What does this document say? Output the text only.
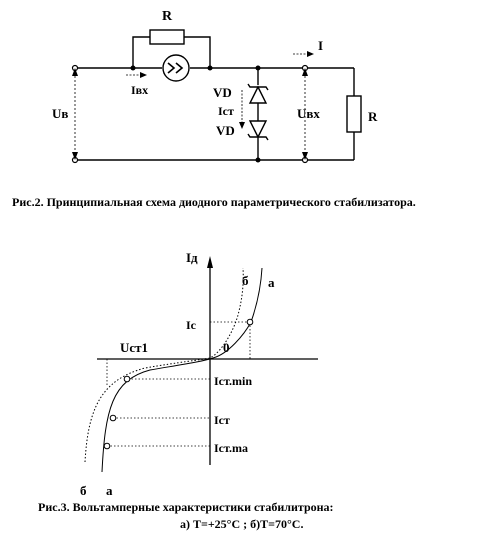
R
I
Iвх
Uв
VD
Iст
VD
Uвх	R
Рис.2. Принципиальная схема диодного параметрического стабилизатора.
Iд
б а
Ic
Uст1	0
Iст.min
Iст
Iст.ma
б а
Рис.3. Вольтамперные характеристики стабилитрона:
а) Т=+25°С ; б)Т=70°С.
